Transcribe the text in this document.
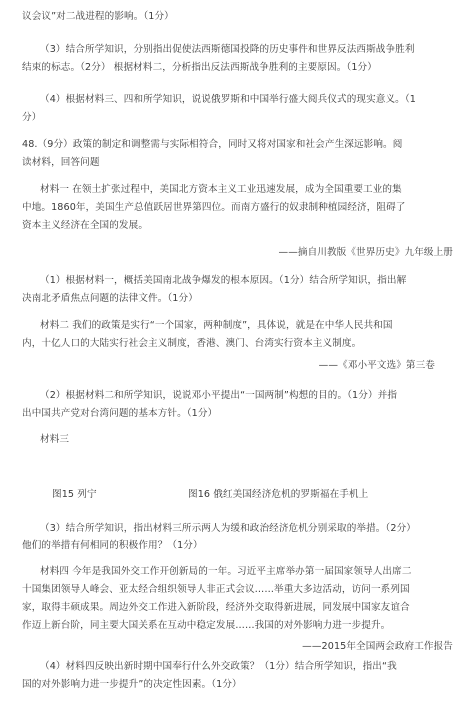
议会议”对二战进程的影响。（1分）
（3）结合所学知识，分别指出促使法西斯德国投降的历史事件和世界反法西斯战争胜利
结束的标志。（2分） 根据材料二，分析指出反法西斯战争胜利的主要原因。（1分）
（4）根据材料三、四和所学知识，说说俄罗斯和中国举行盛大阅兵仪式的现实意义。（1
分）
48.（9分）政策的制定和调整需与实际相符合，同时又将对国家和社会产生深远影响。阅
读材料，回答问题
材料一 在领土扩张过程中，美国北方资本主义工业迅速发展，成为全国重要工业的集
中地。1860年，美国生产总值跃居世界第四位。而南方盛行的奴隶制种植园经济，阻碍了
资本主义经济在全国的发展。
——摘自川教版《世界历史》九年级上册
（1）根据材料一，概括美国南北战争爆发的根本原因。（1分）结合所学知识，指出解
决南北矛盾焦点问题的法律文件。（1分）
材料二 我们的政策是实行“一个国家，两种制度”，具体说，就是在中华人民共和国
内，十亿人口的大陆实行社会主义制度，香港、澳门、台湾实行资本主义制度。
——《邓小平文选》第三卷
（2）根据材料二和所学知识，说说邓小平提出“一国两制”构想的目的。（1分）并指
出中国共产党对台湾问题的基本方针。（1分）
材料三
图15 列宁	图16 俄红美国经济危机的罗斯福在手机上
（3）结合所学知识，指出材料三所示两人为缓和政治经济危机分别采取的举措。（2分）
他们的举措有何相同的积极作用？（1分）
材料四 今年是我国外交工作开创新局的一年。习近平主席举办第一届国家领导人出席二
十国集团领导人峰会、亚太经合组织领导人非正式会议……举重大多边活动，访问一系列国
家，取得丰硕成果。周边外交工作进入新阶段，经济外交取得新进展，同发展中国家友谊合
作迈上新台阶，同主要大国关系在互动中稳定发展……我国的对外影响力进一步提升。
——2015年全国两会政府工作报告
（4）材料四反映出新时期中国奉行什么外交政策？（1分）结合所学知识，指出“我
国的对外影响力进一步提升”的决定性因素。（1分）
